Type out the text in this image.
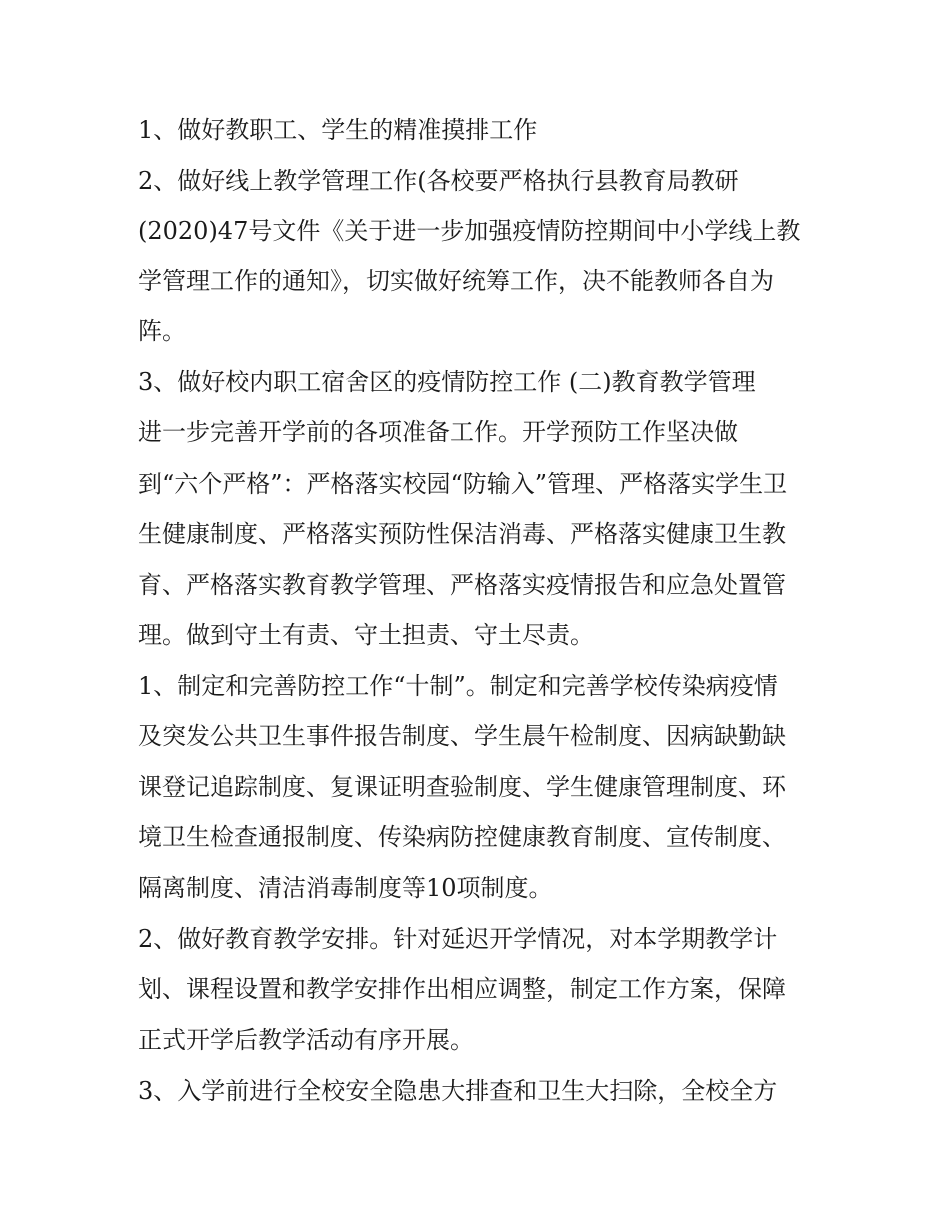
1、做好教职工、学生的精准摸排工作
2、做好线上教学管理工作(各校要严格执行县教育局教研
(2020)47号文件《关于进一步加强疫情防控期间中小学线上教
学管理工作的通知》，切实做好统筹工作，决不能教师各自为
阵。
3、做好校内职工宿舍区的疫情防控工作 (二)教育教学管理
进一步完善开学前的各项准备工作。开学预防工作坚决做
到“六个严格”：严格落实校园“防输入”管理、严格落实学生卫
生健康制度、严格落实预防性保洁消毒、严格落实健康卫生教
育、严格落实教育教学管理、严格落实疫情报告和应急处置管
理。做到守土有责、守土担责、守土尽责。
1、制定和完善防控工作“十制”。制定和完善学校传染病疫情
及突发公共卫生事件报告制度、学生晨午检制度、因病缺勤缺
课登记追踪制度、复课证明查验制度、学生健康管理制度、环
境卫生检查通报制度、传染病防控健康教育制度、宣传制度、
隔离制度、清洁消毒制度等10项制度。
2、做好教育教学安排。针对延迟开学情况，对本学期教学计
划、课程设置和教学安排作出相应调整，制定工作方案，保障
正式开学后教学活动有序开展。
3、入学前进行全校安全隐患大排查和卫生大扫除，全校全方
